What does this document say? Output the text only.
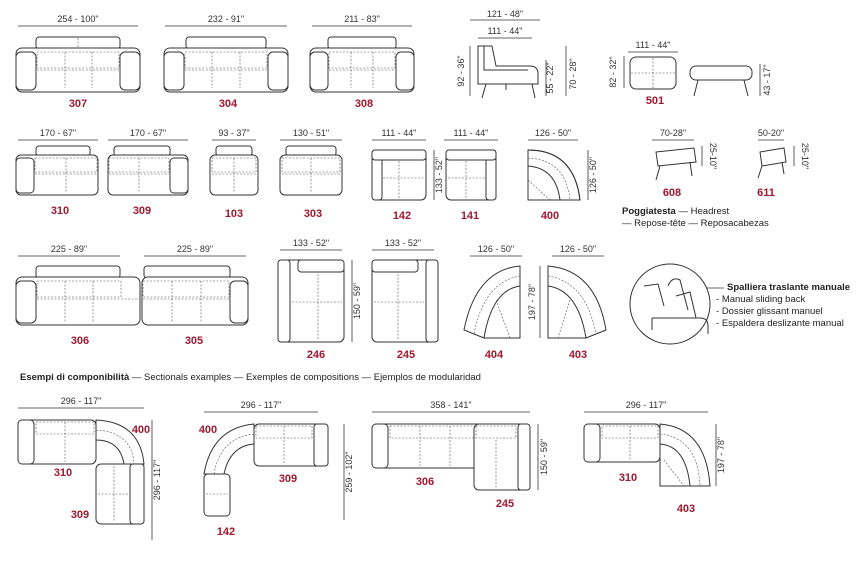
254 - 100"
307
232 - 91"
304
211 - 83"
308
121 - 48"
111 - 44"
92 - 36"	55 - 22" 70 - 28"
111 - 44"
82 - 32"	43 - 17"
501
170 - 67"
310
170 - 67"
309
93 - 37"
103
130 - 51"
303
111 - 44"
133 - 52"
142
111 - 44"
141
126 - 50"
126 - 50"
400
70-28"
25-10"
608
50-20"
25-10"
611
225 - 89"
306
225 - 89"
305
133 - 52"
150 - 59"
246
133 - 52"
245
126 - 50"
404
126 - 50"
197 - 78"
403
296 - 117"
296 - 117"
400
310
309
296 - 117"
259 - 102"
400
309
142
358 - 141"
150 - 59"
306
245
296 - 117"
197 - 78"
310
403
Poggiatesta — Headrest
— Repose-tête — Reposacabezas
Spalliera traslante manuale
- Manual sliding back
- Dossier glissant manuel
- Espaldera deslizante manual
Esempi di componibilità — Sectionals examples — Exemples de compositions — Ejemplos de modularidad
